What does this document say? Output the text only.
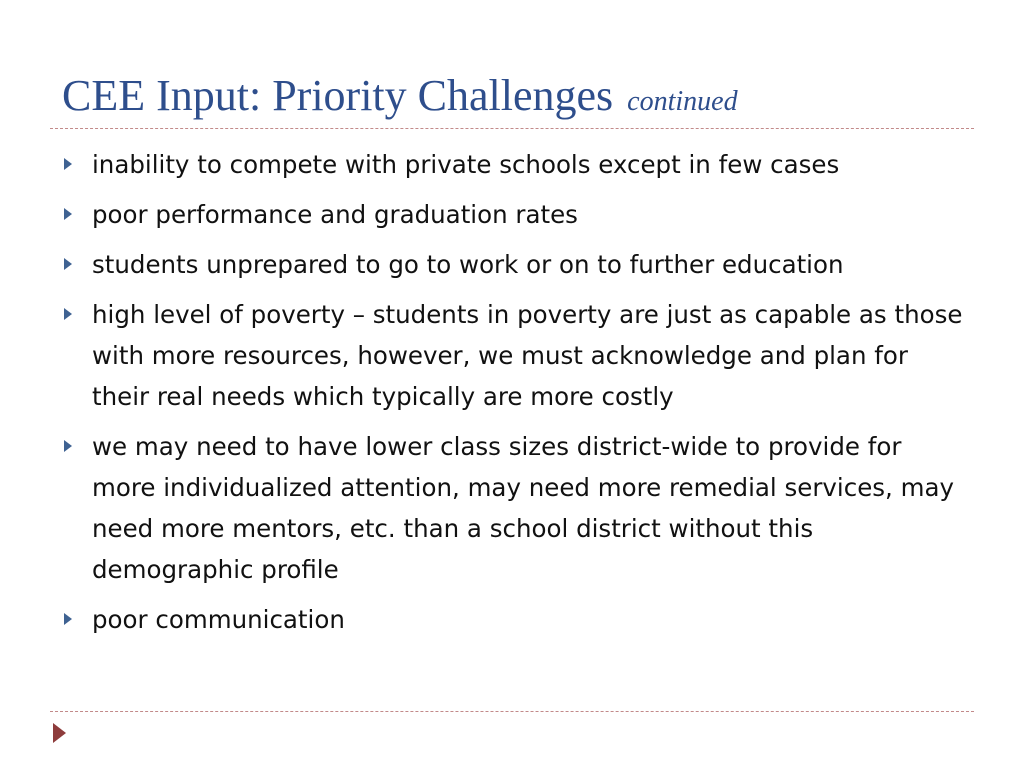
CEE Input: Priority Challenges continued
inability to compete with private schools except in few cases
poor performance and graduation rates
students unprepared to go to work or on to further education
high level of poverty – students in poverty are just as capable as those with more resources, however, we must acknowledge and plan for their real needs which typically are more costly
we may need to have lower class sizes district-wide to provide for more individualized attention, may need more remedial services, may need more mentors, etc. than a school district without this demographic profile
poor communication
